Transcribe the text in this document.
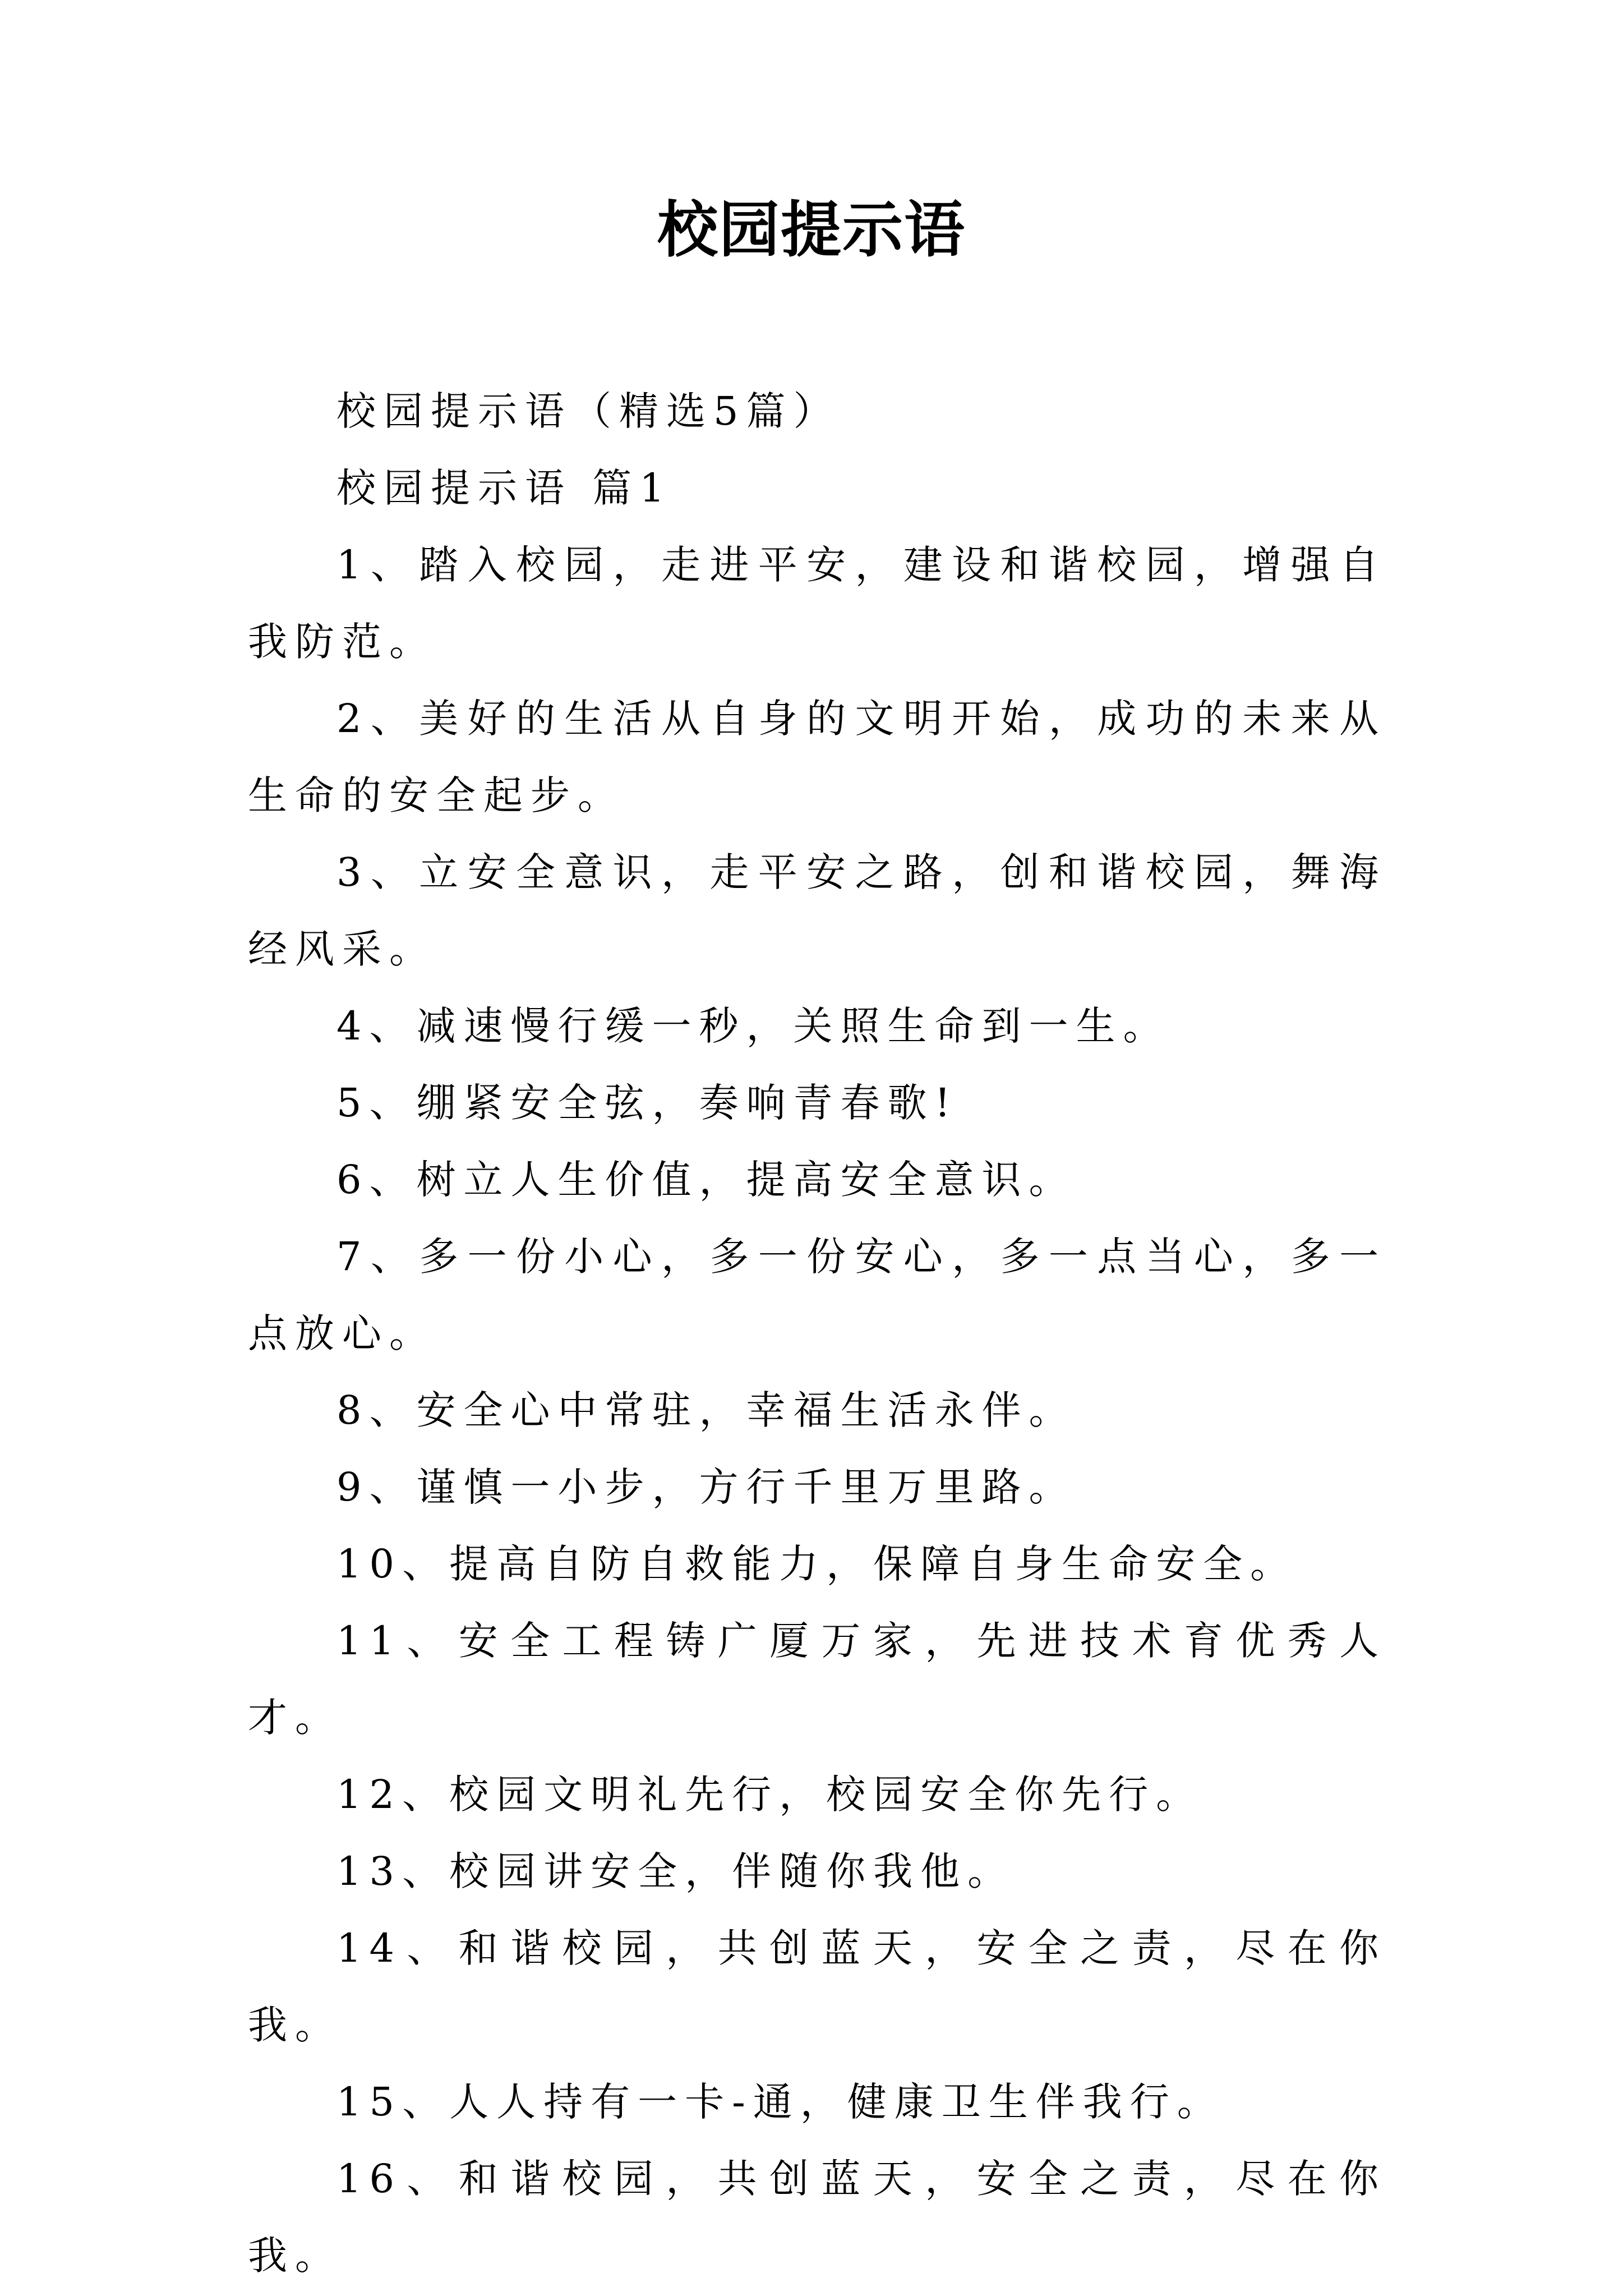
校园提示语

校园提示语（精选5篇）

校园提示语 篇1

1、踏入校园，走进平安，建设和谐校园，增强自我防范。

2、美好的生活从自身的文明开始，成功的未来从生命的安全起步。

3、立安全意识，走平安之路，创和谐校园，舞海经风采。

4、减速慢行缓一秒，关照生命到一生。

5、绷紧安全弦，奏响青春歌!

6、树立人生价值，提高安全意识。

7、多一份小心，多一份安心，多一点当心，多一点放心。

8、安全心中常驻，幸福生活永伴。

9、谨慎一小步，方行千里万里路。

10、提高自防自救能力，保障自身生命安全。

11、安全工程铸广厦万家，先进技术育优秀人才。

12、校园文明礼先行，校园安全你先行。

13、校园讲安全，伴随你我他。

14、和谐校园，共创蓝天，安全之责，尽在你我。

15、人人持有一卡-通，健康卫生伴我行。

16、和谐校园，共创蓝天，安全之责，尽在你我。
